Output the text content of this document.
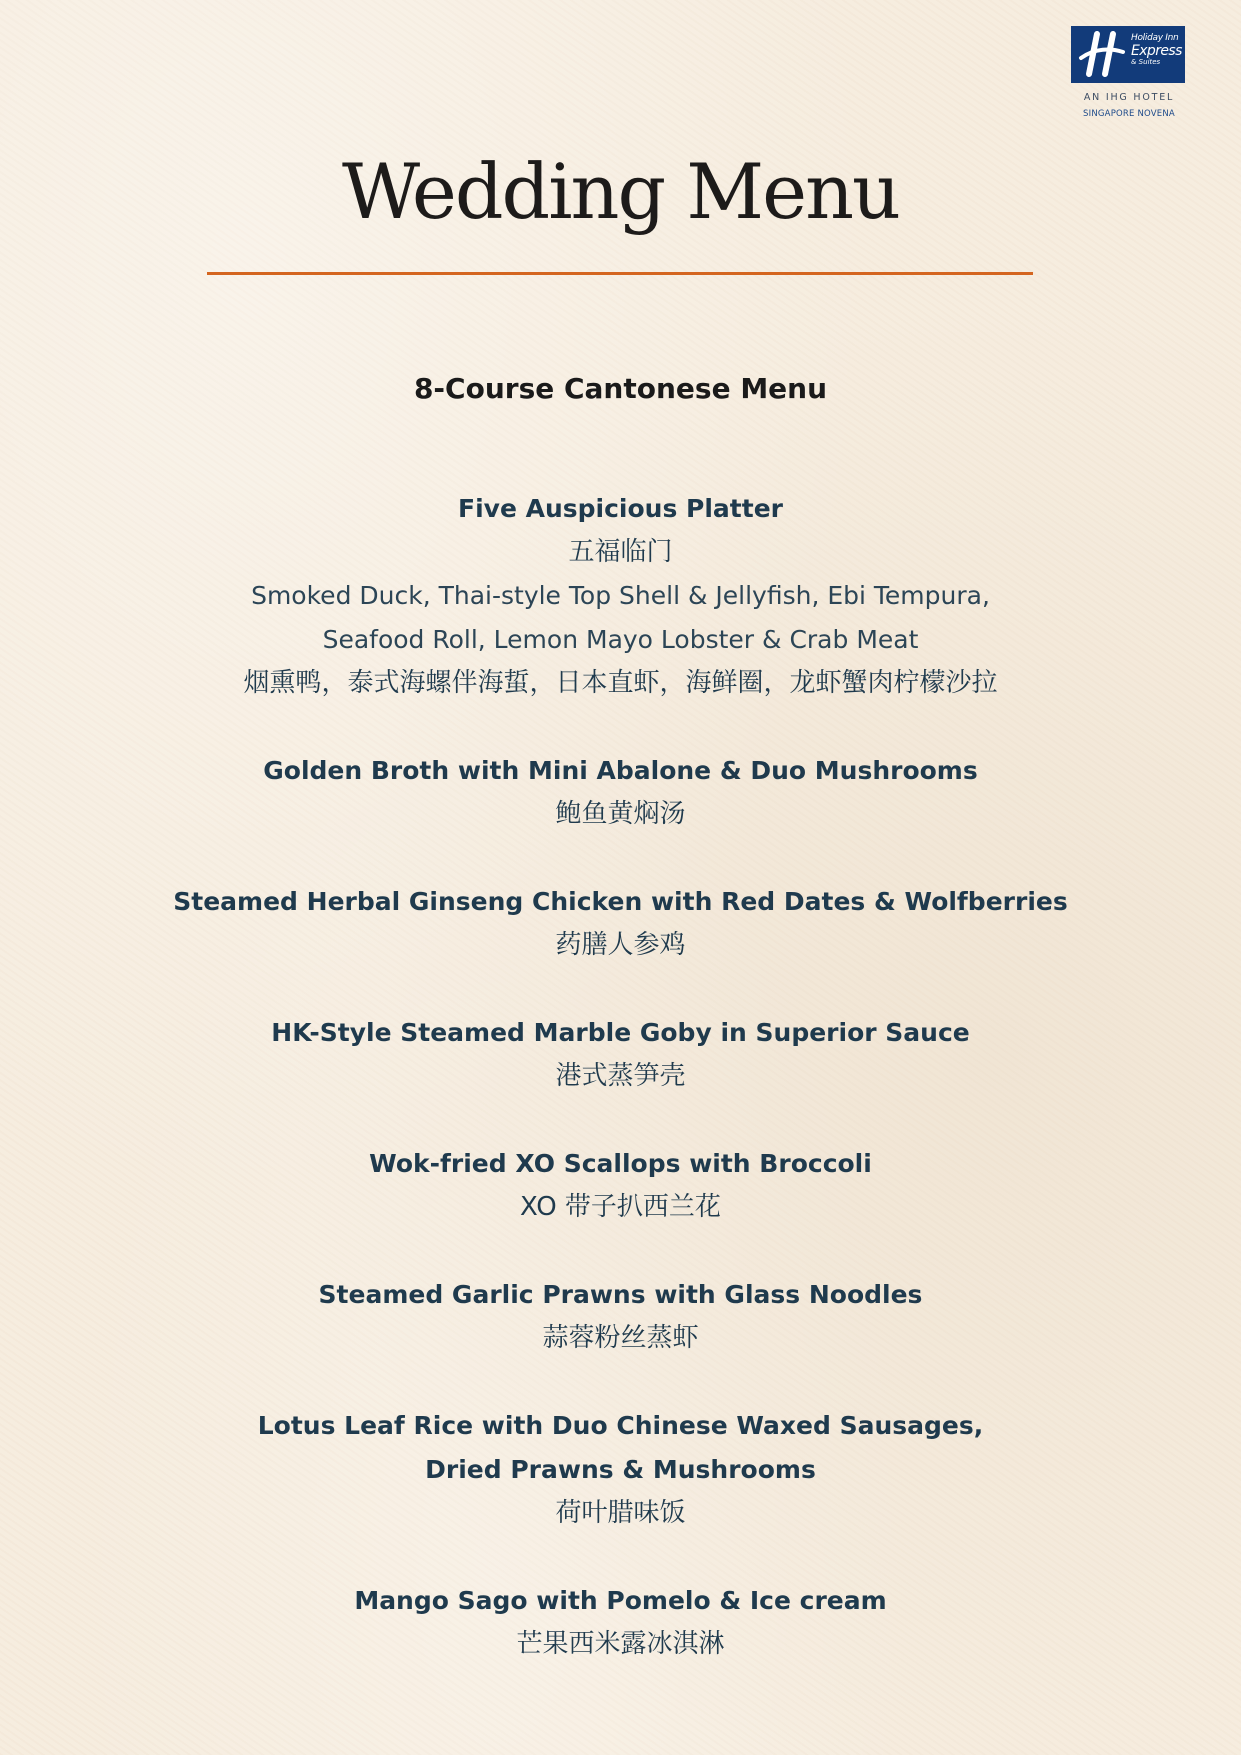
Holiday Inn
Express
& Suites
AN IHG HOTEL
SINGAPORE NOVENA
Wedding Menu
8-Course Cantonese Menu
Five Auspicious Platter
五福临门
Smoked Duck, Thai-style Top Shell & Jellyfish, Ebi Tempura,
Seafood Roll, Lemon Mayo Lobster & Crab Meat
烟熏鸭，泰式海螺伴海蜇，日本直虾，海鲜圈，龙虾蟹肉柠檬沙拉
Golden Broth with Mini Abalone & Duo Mushrooms
鲍鱼黄焖汤
Steamed Herbal Ginseng Chicken with Red Dates & Wolfberries
药膳人参鸡
HK-Style Steamed Marble Goby in Superior Sauce
港式蒸笋壳
Wok-fried XO Scallops with Broccoli
XO 带子扒西兰花
Steamed Garlic Prawns with Glass Noodles
蒜蓉粉丝蒸虾
Lotus Leaf Rice with Duo Chinese Waxed Sausages,
Dried Prawns & Mushrooms
荷叶腊味饭
Mango Sago with Pomelo & Ice cream
芒果西米露冰淇淋
